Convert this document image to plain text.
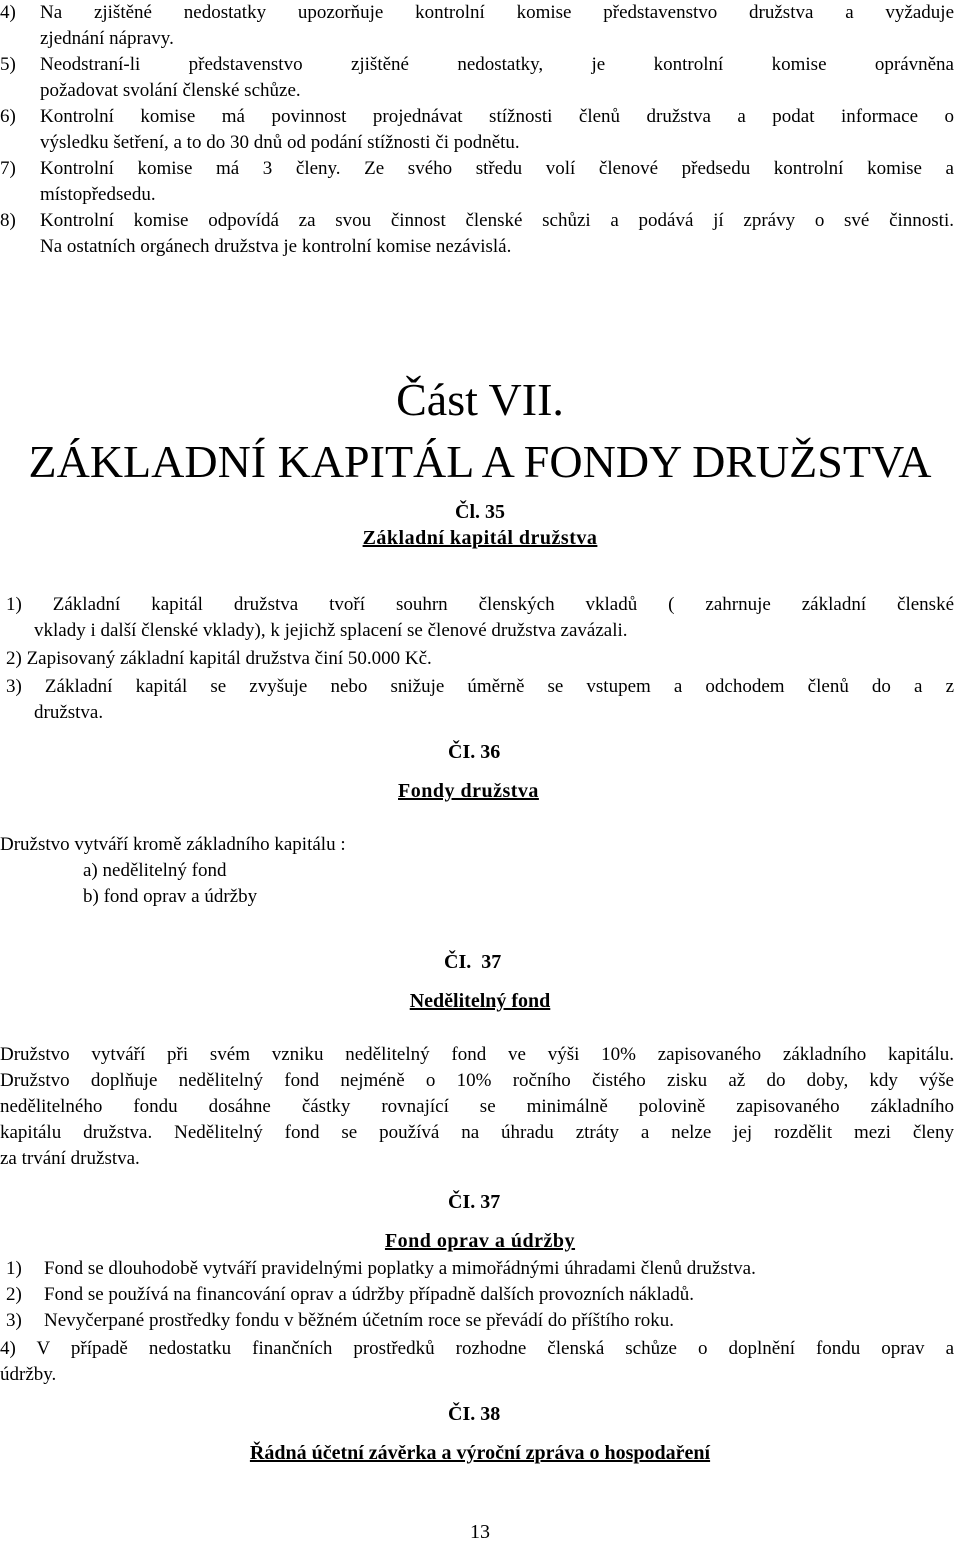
4) Na zjištěné nedostatky upozorňuje kontrolní komise představenstvo družstva a vyžaduje
zjednání nápravy.
5) Neodstraní-li představenstvo zjištěné nedostatky, je kontrolní komise oprávněna
požadovat svolání členské schůze.
6) Kontrolní komise má povinnost projednávat stížnosti členů družstva a podat informace o
výsledku šetření, a to do 30 dnů od podání stížnosti či podnětu.
7) Kontrolní komise má 3 členy. Ze svého středu volí členové předsedu kontrolní komise a
místopředsedu.
8) Kontrolní komise odpovídá za svou činnost členské schůzi a podává jí zprávy o své činnosti.
Na ostatních orgánech družstva je kontrolní komise nezávislá.
Část VII.
ZÁKLADNÍ KAPITÁL A FONDY DRUŽSTVA
Čl. 35
Základní kapitál družstva
1) Základní kapitál družstva tvoří souhrn členských vkladů ( zahrnuje základní členské
vklady i další členské vklady), k jejichž splacení se členové družstva zavázali.
2) Zapisovaný základní kapitál družstva činí 50.000 Kč.
3) Základní kapitál se zvyšuje nebo snižuje úměrně se vstupem a odchodem členů do a z
družstva.
ČI. 36
Fondy družstva
Družstvo vytváří kromě základního kapitálu :
a) nedělitelný fond
b) fond oprav a údržby
ČI.  37
Nedělitelný fond
Družstvo vytváří při svém vzniku nedělitelný fond ve výši 10% zapisovaného základního kapitálu.
Družstvo doplňuje nedělitelný fond nejméně o 10% ročního čistého zisku až do doby, kdy výše
nedělitelného fondu dosáhne částky rovnající se minimálně polovině zapisovaného základního
kapitálu družstva. Nedělitelný fond se používá na úhradu ztráty a nelze jej rozdělit mezi členy
za trvání družstva.
ČI. 37
Fond oprav a údržby
1) Fond se dlouhodobě vytváří pravidelnými poplatky a mimořádnými úhradami členů družstva.
2) Fond se používá na financování oprav a údržby případně dalších provozních nákladů.
3) Nevyčerpané prostředky fondu v běžném účetním roce se převádí do příštího roku.
4) V případě nedostatku finančních prostředků rozhodne členská schůze o doplnění fondu oprav a
údržby.
ČI. 38
Řádná účetní závěrka a výroční zpráva o hospodaření
13
